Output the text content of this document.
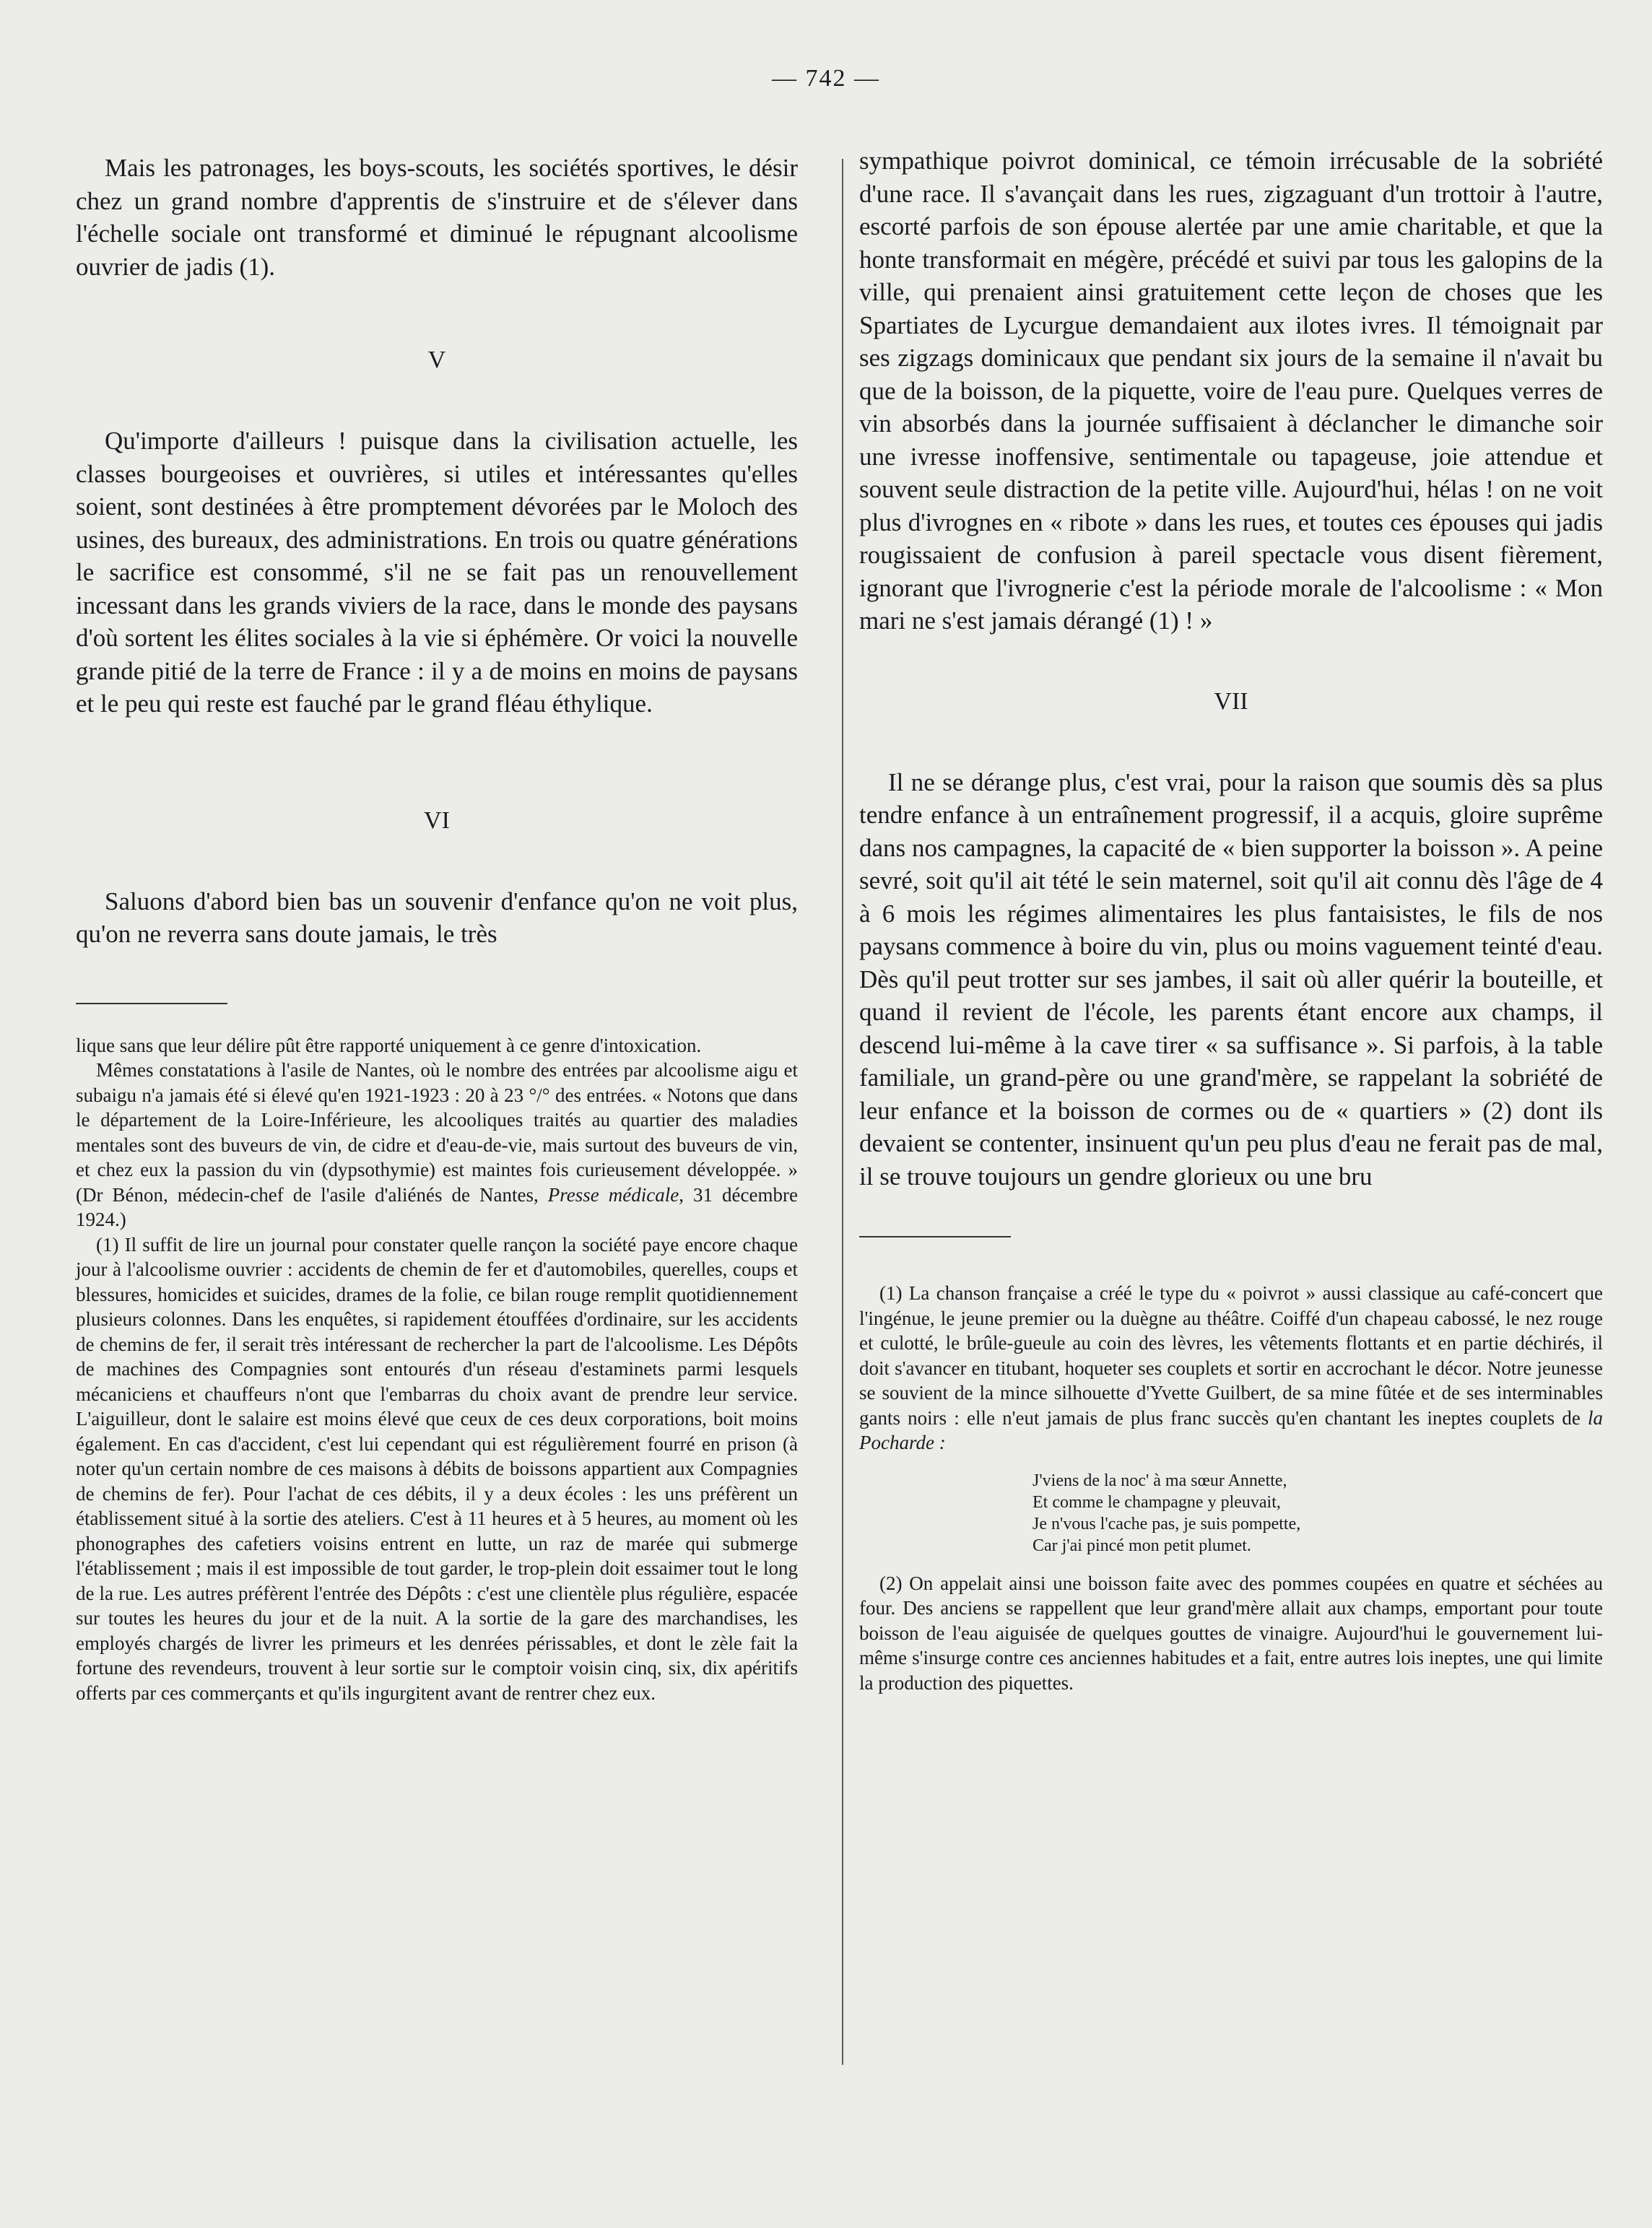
— 742 —

Mais les patronages, les boys-scouts, les sociétés sportives, le désir chez un grand nombre d'apprentis de s'instruire et de s'élever dans l'échelle sociale ont transformé et diminué le répugnant alcoolisme ouvrier de jadis (1).

V

Qu'importe d'ailleurs ! puisque dans la civilisation actuelle, les classes bourgeoises et ouvrières, si utiles et intéressantes qu'elles soient, sont destinées à être promptement dévorées par le Moloch des usines, des bureaux, des administrations. En trois ou quatre générations le sacrifice est consommé, s'il ne se fait pas un renouvellement incessant dans les grands viviers de la race, dans le monde des paysans d'où sortent les élites sociales à la vie si éphémère. Or voici la nouvelle grande pitié de la terre de France : il y a de moins en moins de paysans et le peu qui reste est fauché par le grand fléau éthylique.

VI

Saluons d'abord bien bas un souvenir d'enfance qu'on ne voit plus, qu'on ne reverra sans doute jamais, le très

lique sans que leur délire pût être rapporté uniquement à ce genre d'intoxication.

Mêmes constatations à l'asile de Nantes, où le nombre des entrées par alcoolisme aigu et subaigu n'a jamais été si élevé qu'en 1921-1923 : 20 à 23 °/° des entrées. « Notons que dans le département de la Loire-Inférieure, les alcooliques traités au quartier des maladies mentales sont des buveurs de vin, de cidre et d'eau-de-vie, mais surtout des buveurs de vin, et chez eux la passion du vin (dypsothymie) est maintes fois curieusement développée. » (Dr Bénon, médecin-chef de l'asile d'aliénés de Nantes, Presse médicale, 31 décembre 1924.)

(1) Il suffit de lire un journal pour constater quelle rançon la société paye encore chaque jour à l'alcoolisme ouvrier : accidents de chemin de fer et d'automobiles, querelles, coups et blessures, homicides et suicides, drames de la folie, ce bilan rouge remplit quotidiennement plusieurs colonnes. Dans les enquêtes, si rapidement étouffées d'ordinaire, sur les accidents de chemins de fer, il serait très intéressant de rechercher la part de l'alcoolisme. Les Dépôts de machines des Compagnies sont entourés d'un réseau d'estaminets parmi lesquels mécaniciens et chauffeurs n'ont que l'embarras du choix avant de prendre leur service. L'aiguilleur, dont le salaire est moins élevé que ceux de ces deux corporations, boit moins également. En cas d'accident, c'est lui cependant qui est régulièrement fourré en prison (à noter qu'un certain nombre de ces maisons à débits de boissons appartient aux Compagnies de chemins de fer). Pour l'achat de ces débits, il y a deux écoles : les uns préfèrent un établissement situé à la sortie des ateliers. C'est à 11 heures et à 5 heures, au moment où les phonographes des cafetiers voisins entrent en lutte, un raz de marée qui submerge l'établissement ; mais il est impossible de tout garder, le trop-plein doit essaimer tout le long de la rue. Les autres préfèrent l'entrée des Dépôts : c'est une clientèle plus régulière, espacée sur toutes les heures du jour et de la nuit. A la sortie de la gare des marchandises, les employés chargés de livrer les primeurs et les denrées périssables, et dont le zèle fait la fortune des revendeurs, trouvent à leur sortie sur le comptoir voisin cinq, six, dix apéritifs offerts par ces commerçants et qu'ils ingurgitent avant de rentrer chez eux.

sympathique poivrot dominical, ce témoin irrécusable de la sobriété d'une race. Il s'avançait dans les rues, zigzaguant d'un trottoir à l'autre, escorté parfois de son épouse alertée par une amie charitable, et que la honte transformait en mégère, précédé et suivi par tous les galopins de la ville, qui prenaient ainsi gratuitement cette leçon de choses que les Spartiates de Lycurgue demandaient aux ilotes ivres. Il témoignait par ses zigzags dominicaux que pendant six jours de la semaine il n'avait bu que de la boisson, de la piquette, voire de l'eau pure. Quelques verres de vin absorbés dans la journée suffisaient à déclancher le dimanche soir une ivresse inoffensive, sentimentale ou tapageuse, joie attendue et souvent seule distraction de la petite ville. Aujourd'hui, hélas ! on ne voit plus d'ivrognes en « ribote » dans les rues, et toutes ces épouses qui jadis rougissaient de confusion à pareil spectacle vous disent fièrement, ignorant que l'ivrognerie c'est la période morale de l'alcoolisme : « Mon mari ne s'est jamais dérangé (1) ! »

VII

Il ne se dérange plus, c'est vrai, pour la raison que soumis dès sa plus tendre enfance à un entraînement progressif, il a acquis, gloire suprême dans nos campagnes, la capacité de « bien supporter la boisson ». A peine sevré, soit qu'il ait tété le sein maternel, soit qu'il ait connu dès l'âge de 4 à 6 mois les régimes alimentaires les plus fantaisistes, le fils de nos paysans commence à boire du vin, plus ou moins vaguement teinté d'eau. Dès qu'il peut trotter sur ses jambes, il sait où aller quérir la bouteille, et quand il revient de l'école, les parents étant encore aux champs, il descend lui-même à la cave tirer « sa suffisance ». Si parfois, à la table familiale, un grand-père ou une grand'mère, se rappelant la sobriété de leur enfance et la boisson de cormes ou de « quartiers » (2) dont ils devaient se contenter, insinuent qu'un peu plus d'eau ne ferait pas de mal, il se trouve toujours un gendre glorieux ou une bru

(1) La chanson française a créé le type du « poivrot » aussi classique au café-concert que l'ingénue, le jeune premier ou la duègne au théâtre. Coiffé d'un chapeau cabossé, le nez rouge et culotté, le brûle-gueule au coin des lèvres, les vêtements flottants et en partie déchirés, il doit s'avancer en titubant, hoqueter ses couplets et sortir en accrochant le décor. Notre jeunesse se souvient de la mince silhouette d'Yvette Guilbert, de sa mine fûtée et de ses interminables gants noirs : elle n'eut jamais de plus franc succès qu'en chantant les ineptes couplets de la Pocharde :

J'viens de la noc' à ma sœur Annette,
Et comme le champagne y pleuvait,
Je n'vous l'cache pas, je suis pompette,
Car j'ai pincé mon petit plumet.

(2) On appelait ainsi une boisson faite avec des pommes coupées en quatre et séchées au four. Des anciens se rappellent que leur grand'mère allait aux champs, emportant pour toute boisson de l'eau aiguisée de quelques gouttes de vinaigre. Aujourd'hui le gouvernement lui-même s'insurge contre ces anciennes habitudes et a fait, entre autres lois ineptes, une qui limite la production des piquettes.
